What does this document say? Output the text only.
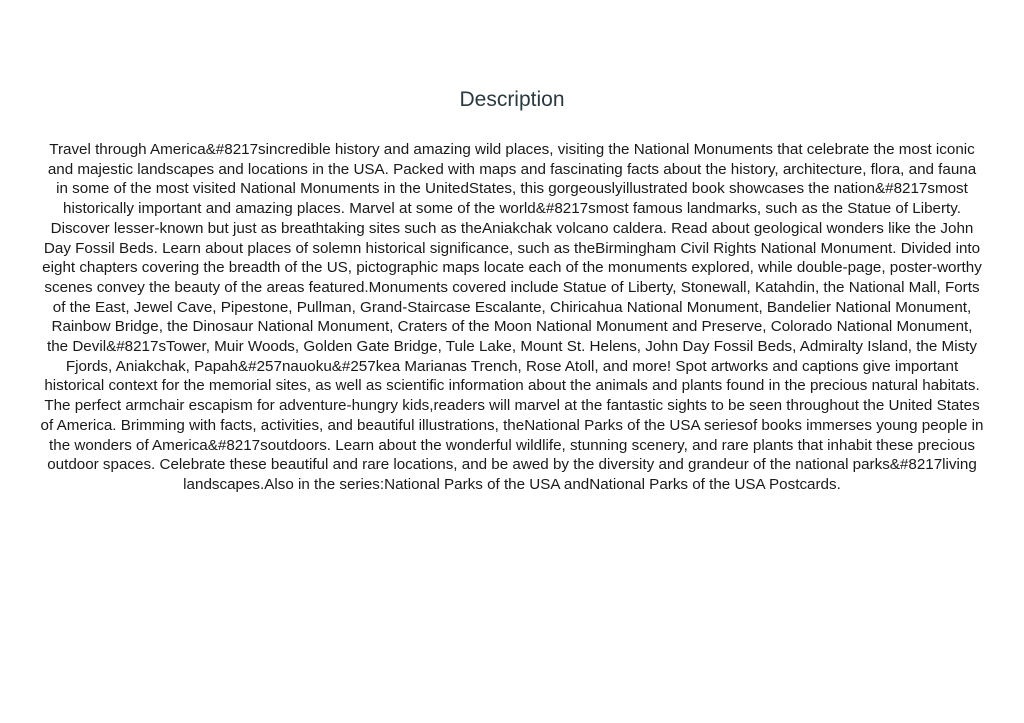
Description

Travel through America&#8217sincredible history and amazing wild places, visiting the National Monuments that celebrate the most iconic and majestic landscapes and locations in the USA. Packed with maps and fascinating facts about the history, architecture, flora, and fauna in some of the most visited National Monuments in the UnitedStates, this gorgeouslyillustrated book showcases the nation&#8217smost historically important and amazing places. Marvel at some of the world&#8217smost famous landmarks, such as the Statue of Liberty. Discover lesser-known but just as breathtaking sites such as theAniakchak volcano caldera. Read about geological wonders like the John Day Fossil Beds. Learn about places of solemn historical significance, such as theBirmingham Civil Rights National Monument. Divided into eight chapters covering the breadth of the US, pictographic maps locate each of the monuments explored, while double-page, poster-worthy scenes convey the beauty of the areas featured.Monuments covered include Statue of Liberty, Stonewall, Katahdin, the National Mall, Forts of the East, Jewel Cave, Pipestone, Pullman, Grand-Staircase Escalante, Chiricahua National Monument, Bandelier National Monument, Rainbow Bridge, the Dinosaur National Monument, Craters of the Moon National Monument and Preserve, Colorado National Monument, the Devil&#8217sTower, Muir Woods, Golden Gate Bridge, Tule Lake, Mount St. Helens, John Day Fossil Beds, Admiralty Island, the Misty Fjords, Aniakchak, Papah&#257nauoku&#257kea Marianas Trench, Rose Atoll, and more! Spot artworks and captions give important historical context for the memorial sites, as well as scientific information about the animals and plants found in the precious natural habitats. The perfect armchair escapism for adventure-hungry kids,readers will marvel at the fantastic sights to be seen throughout the United States of America. Brimming with facts, activities, and beautiful illustrations, theNational Parks of the USA seriesof books immerses young people in the wonders of America&#8217soutdoors. Learn about the wonderful wildlife, stunning scenery, and rare plants that inhabit these precious outdoor spaces. Celebrate these beautiful and rare locations, and be awed by the diversity and grandeur of the national parks&#8217living landscapes.Also in the series:National Parks of the USA andNational Parks of the USA Postcards.
